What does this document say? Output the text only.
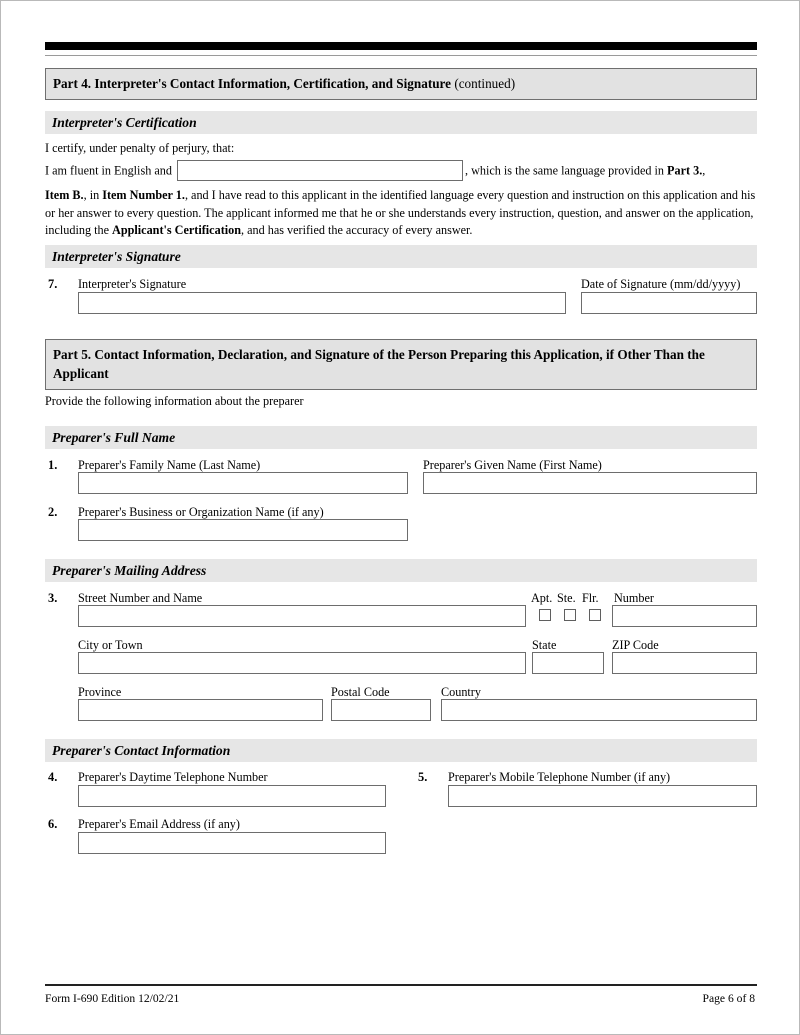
Part 4. Interpreter's Contact Information, Certification, and Signature (continued)
Interpreter's Certification
I certify, under penalty of perjury, that:
I am fluent in English and	, which is the same language provided in Part 3.,
Item B., in Item Number 1., and I have read to this applicant in the identified language every question and instruction on this application and his or her answer to every question. The applicant informed me that he or she understands every instruction, question, and answer on the application, including the Applicant's Certification, and has verified the accuracy of every answer.
Interpreter's Signature
7. Interpreter's Signature	Date of Signature (mm/dd/yyyy)
Part 5. Contact Information, Declaration, and Signature of the Person Preparing this Application, if Other Than the Applicant
Provide the following information about the preparer
Preparer's Full Name
1. Preparer's Family Name (Last Name)	Preparer's Given Name (First Name)
2. Preparer's Business or Organization Name (if any)
Preparer's Mailing Address
3. Street Number and Name	Apt. Ste. Flr. Number
City or Town	State	ZIP Code
Province	Postal Code	Country
Preparer's Contact Information
4. Preparer's Daytime Telephone Number	5. Preparer's Mobile Telephone Number (if any)
6. Preparer's Email Address (if any)
Form I-690 Edition 12/02/21	Page 6 of 8
